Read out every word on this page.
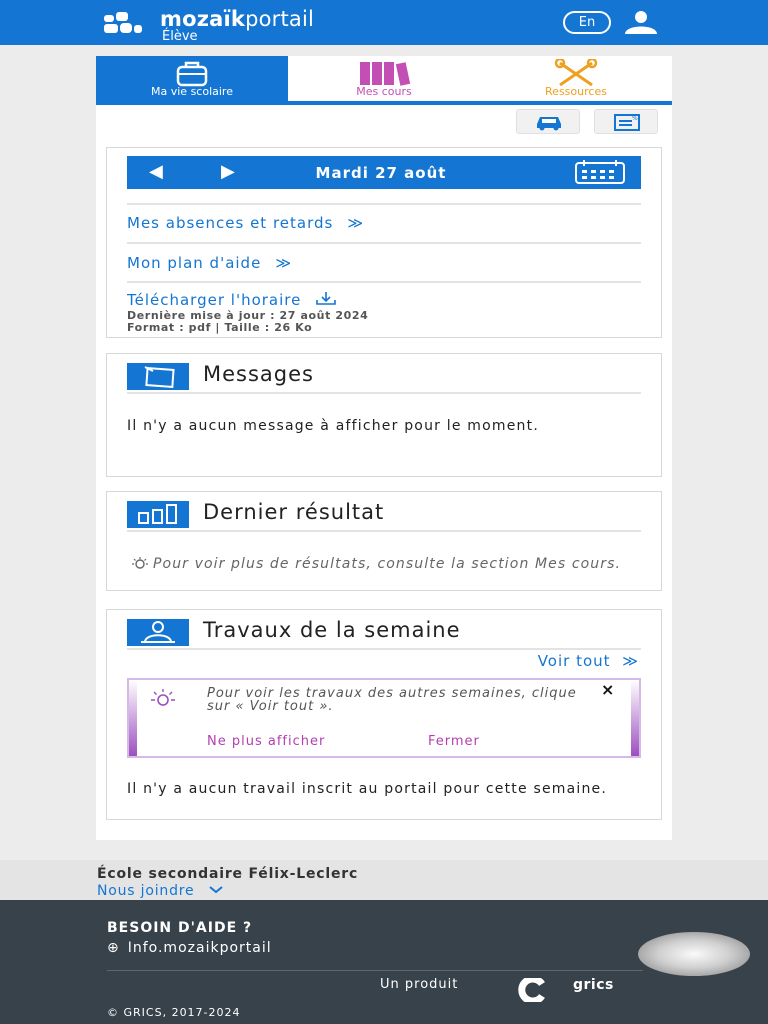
mozaïkportail
Élève
En
Ma vie scolaire	Mes cours	Ressources
%
◀	▶	Mardi 27 août
Mes absences et retards ≫
Mon plan d'aide ≫
Télécharger l'horaire
Dernière mise à jour : 27 août 2024
Format : pdf | Taille : 26 Ko
Messages
Il n'y a aucun message à afficher pour le moment.
Dernier résultat
Pour voir plus de résultats, consulte la section Mes cours.
Travaux de la semaine
Voir tout ≫
Pour voir les travaux des autres semaines, clique sur « Voir tout ».
Ne plus afficher	Fermer
×
Il n'y a aucun travail inscrit au portail pour cette semaine.
École secondaire Félix-Leclerc
Nous joindre
BESOIN D'AIDE ?
⊕ Info.mozaikportail
Un produit	grics
© GRICS, 2017-2024
